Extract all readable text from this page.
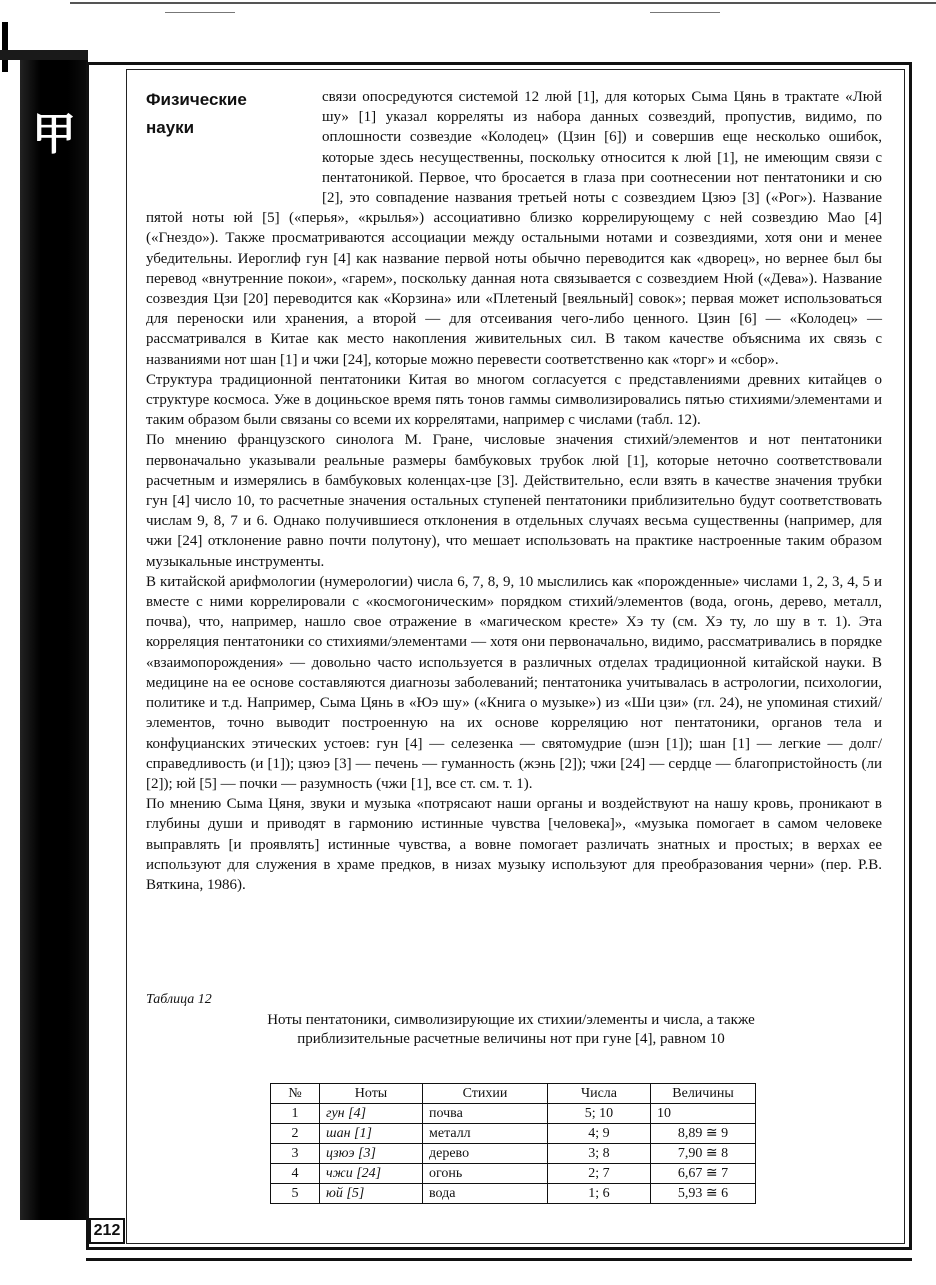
甲
212
Физические науки

связи опосредуются системой 12 люй [1], для которых Сыма Цянь в трактате «Люй шу» [1] указал корреляты из набора данных созвездий, пропустив, видимо, по оплошности созвездие «Колодец» (Цзин [6]) и совершив еще несколько ошибок, которые здесь несущественны, поскольку относится к люй [1], не имеющим связи с пентатоникой. Первое, что бросается в глаза при соотнесении нот пентатоники и сю [2], это совпадение названия третьей ноты с созвездием Цзюэ [3] («Рог»). Название пятой ноты юй [5] («перья», «крылья») ассоциативно близко коррелирующему с ней созвездию Мао [4] («Гнездо»). Также просматриваются ассоциации между остальными нотами и созвездиями, хотя они и менее убедительны. Иероглиф гун [4] как название первой ноты обычно переводится как «дворец», но вернее был бы перевод «внутренние покои», «гарем», поскольку данная нота связывается с созвездием Нюй («Дева»). Название созвездия Цзи [20] переводится как «Корзина» или «Плетеный [веяльный] совок»; первая может использоваться для переноски или хранения, а второй — для отсеивания чего-либо ценного. Цзин [6] — «Колодец» — рассматривался в Китае как место накопления живительных сил. В таком качестве объяснима их связь с названиями нот шан [1] и чжи [24], которые можно перевести соответственно как «торг» и «сбор».

Структура традиционной пентатоники Китая во многом согласуется с представлениями древних китайцев о структуре космоса. Уже в доциньское время пять тонов гаммы символизировались пятью стихиями/элементами и таким образом были связаны со всеми их коррелятами, например с числами (табл. 12).

По мнению французского синолога М. Гране, числовые значения стихий/элементов и нот пентатоники первоначально указывали реальные размеры бамбуковых трубок люй [1], которые неточно соответствовали расчетным и измерялись в бамбуковых коленцах-цзе [3]. Действительно, если взять в качестве значения трубки гун [4] число 10, то расчетные значения остальных ступеней пентатоники приблизительно будут соответствовать числам 9, 8, 7 и 6. Однако получившиеся отклонения в отдельных случаях весьма существенны (например, для чжи [24] отклонение равно почти полутону), что мешает использовать на практике настроенные таким образом музыкальные инструменты.

В китайской арифмологии (нумерологии) числа 6, 7, 8, 9, 10 мыслились как «порожденные» числами 1, 2, 3, 4, 5 и вместе с ними коррелировали с «космогоническим» порядком стихий/элементов (вода, огонь, дерево, металл, почва), что, например, нашло свое отражение в «магическом кресте» Хэ ту (см. Хэ ту, ло шу в т. 1). Эта корреляция пентатоники со стихиями/элементами — хотя они первоначально, видимо, рассматривались в порядке «взаимопорождения» — довольно часто используется в различных отделах традиционной китайской науки. В медицине на ее основе составляются диагнозы заболеваний; пентатоника учитывалась в астрологии, психологии, политике и т.д. Например, Сыма Цянь в «Юэ шу» («Книга о музыке») из «Ши цзи» (гл. 24), не упоминая стихий/элементов, точно выводит построенную на их основе корреляцию нот пентатоники, органов тела и конфуцианских этических устоев: гун [4] — селезенка — святомудрие (шэн [1]); шан [1] — легкие — долг/справедливость (и [1]); цзюэ [3] — печень — гуманность (жэнь [2]); чжи [24] — сердце — благопристойность (ли [2]); юй [5] — почки — разумность (чжи [1], все ст. см. т. 1).

По мнению Сыма Цяня, звуки и музыка «потрясают наши органы и воздействуют на нашу кровь, проникают в глубины души и приводят в гармонию истинные чувства [человека]», «музыка помогает в самом человеке выправлять [и проявлять] истинные чувства, а вовне помогает различать знатных и простых; в верхах ее используют для служения в храме предков, в низах музыку используют для преобразования черни» (пер. Р.В. Вяткина, 1986).

Таблица 12
Ноты пентатоники, символизирующие их стихии/элементы и числа, а также приблизительные расчетные величины нот при гуне [4], равном 10
№	Ноты	Стихии	Числа	Величины
1	гун [4]	почва	5; 10	10
2	шан [1]	металл	4; 9	8,89 ≅ 9
3	цзюэ [3]	дерево	3; 8	7,90 ≅ 8
4	чжи [24]	огонь	2; 7	6,67 ≅ 7
5	юй [5]	вода	1; 6	5,93 ≅ 6
